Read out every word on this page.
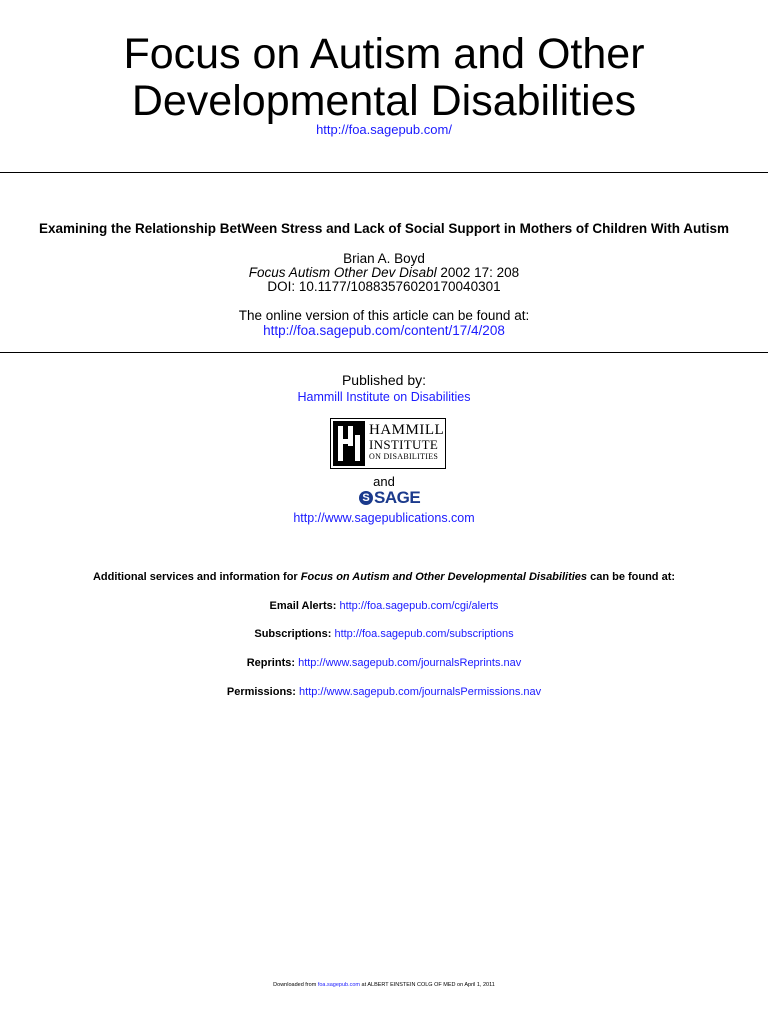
Focus on Autism and Other
Developmental Disabilities
http://foa.sagepub.com/
Examining the Relationship BetWeen Stress and Lack of Social Support in Mothers of Children With Autism
Brian A. Boyd
Focus Autism Other Dev Disabl 2002 17: 208
DOI: 10.1177/10883576020170040301
The online version of this article can be found at:
http://foa.sagepub.com/content/17/4/208
Published by:
Hammill Institute on Disabilities
HAMMILL
INSTITUTE
ON DISABILITIES
and
S SAGE
http://www.sagepublications.com
Additional services and information for Focus on Autism and Other Developmental Disabilities can be found at:
Email Alerts: http://foa.sagepub.com/cgi/alerts
Subscriptions: http://foa.sagepub.com/subscriptions
Reprints: http://www.sagepub.com/journalsReprints.nav
Permissions: http://www.sagepub.com/journalsPermissions.nav
Downloaded from foa.sagepub.com at ALBERT EINSTEIN COLG OF MED on April 1, 2011
